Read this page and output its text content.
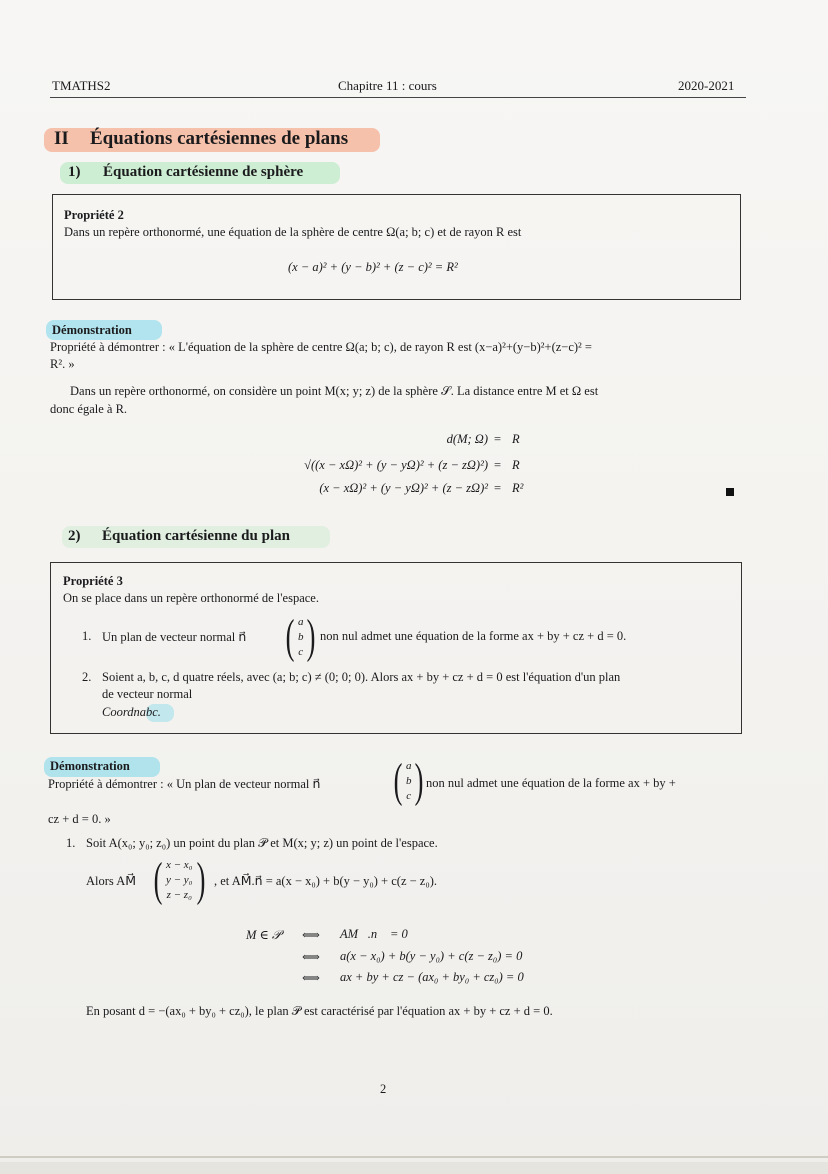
TMATHS2	Chapitre 11 : cours	2020-2021
II Équations cartésiennes de plans
1) Équation cartésienne de sphère
Propriété 2
Dans un repère orthonormé, une équation de la sphère de centre Ω(a; b; c) et de rayon R est
(x − a)² + (y − b)² + (z − c)² = R²
Démonstration
Propriété à démontrer : « L'équation de la sphère de centre Ω(a; b; c), de rayon R est (x−a)²+(y−b)²+(z−c)² =
R². »
Dans un repère orthonormé, on considère un point M(x; y; z) de la sphère 𝒮. La distance entre M et Ω est
donc égale à R.
d(M; Ω) = R
√((x − xΩ)² + (y − yΩ)² + (z − zΩ)²) = R
(x − xΩ)² + (y − yΩ)² + (z − zΩ)² = R²
2) Équation cartésienne du plan
Propriété 3
On se place dans un repère orthonormé de l'espace.
1. Un plan de vecteur normal n⃗ ( a
b
c ) non nul admet une équation de la forme ax + by + cz + d = 0.
2. Soient a, b, c, d quatre réels, avec (a; b; c) ≠ (0; 0; 0). Alors ax + by + cz + d = 0 est l'équation d'un plan
de vecteur normal
Coordnabc.
Démonstration
Propriété à démontrer : « Un plan de vecteur normal n⃗ ( a
b
c ) non nul admet une équation de la forme ax + by +
cz + d = 0. »
1. Soit A(x₀; y₀; z₀) un point du plan 𝒫 et M(x; y; z) un point de l'espace.
Alors AM⃗ ( x − x₀
y − y₀
z − z₀ ) , et AM⃗.n⃗ = a(x − x₀) + b(y − y₀) + c(z − z₀).
M ∈ 𝒫 ⟺ AM⃗.n⃗ = 0
⟺ a(x − x₀) + b(y − y₀) + c(z − z₀) = 0
⟺ ax + by + cz − (ax₀ + by₀ + cz₀) = 0
En posant d = −(ax₀ + by₀ + cz₀), le plan 𝒫 est caractérisé par l'équation ax + by + cz + d = 0.
2
